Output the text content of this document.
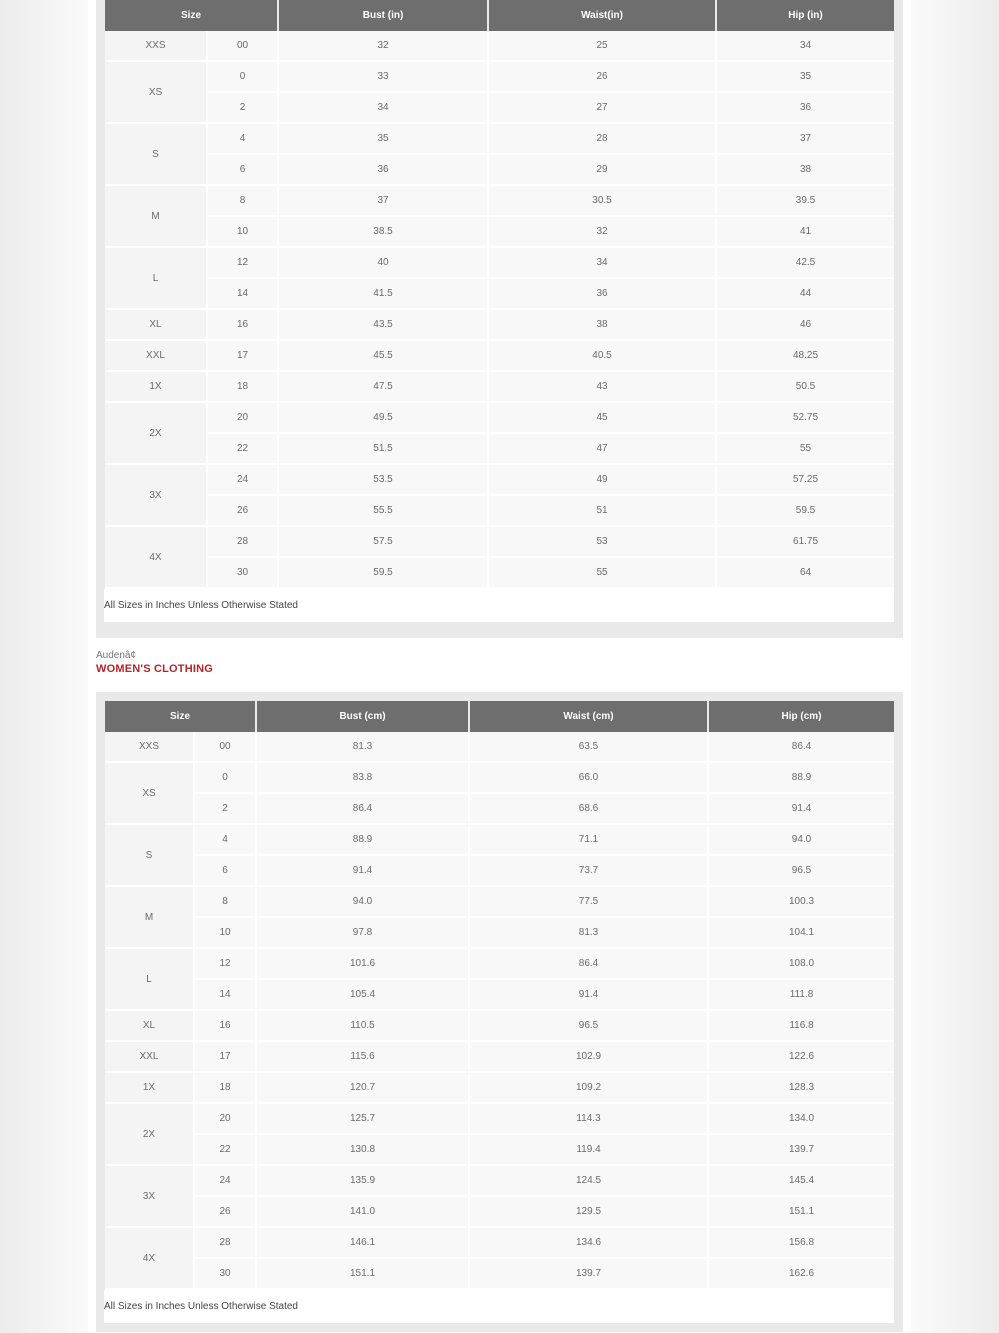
Size		Bust (in)	Waist(in)	Hip (in)
XXS	00	32	25	34
XS	0	33	26	35
	2	34	27	36
S	4	35	28	37
	6	36	29	38
M	8	37	30.5	39.5
	10	38.5	32	41
L	12	40	34	42.5
	14	41.5	36	44
XL	16	43.5	38	46
XXL	17	45.5	40.5	48.25
1X	18	47.5	43	50.5
2X	20	49.5	45	52.75
	22	51.5	47	55
3X	24	53.5	49	57.25
	26	55.5	51	59.5
4X	28	57.5	53	61.75
	30	59.5	55	64
All Sizes in Inches Unless Otherwise Stated
Audenâ¢
WOMEN'S CLOTHING
Size		Bust (cm)	Waist (cm)	Hip (cm)
XXS	00	81.3	63.5	86.4
XS	0	83.8	66.0	88.9
	2	86.4	68.6	91.4
S	4	88.9	71.1	94.0
	6	91.4	73.7	96.5
M	8	94.0	77.5	100.3
	10	97.8	81.3	104.1
L	12	101.6	86.4	108.0
	14	105.4	91.4	111.8
XL	16	110.5	96.5	116.8
XXL	17	115.6	102.9	122.6
1X	18	120.7	109.2	128.3
2X	20	125.7	114.3	134.0
	22	130.8	119.4	139.7
3X	24	135.9	124.5	145.4
	26	141.0	129.5	151.1
4X	28	146.1	134.6	156.8
	30	151.1	139.7	162.6
All Sizes in Inches Unless Otherwise Stated
